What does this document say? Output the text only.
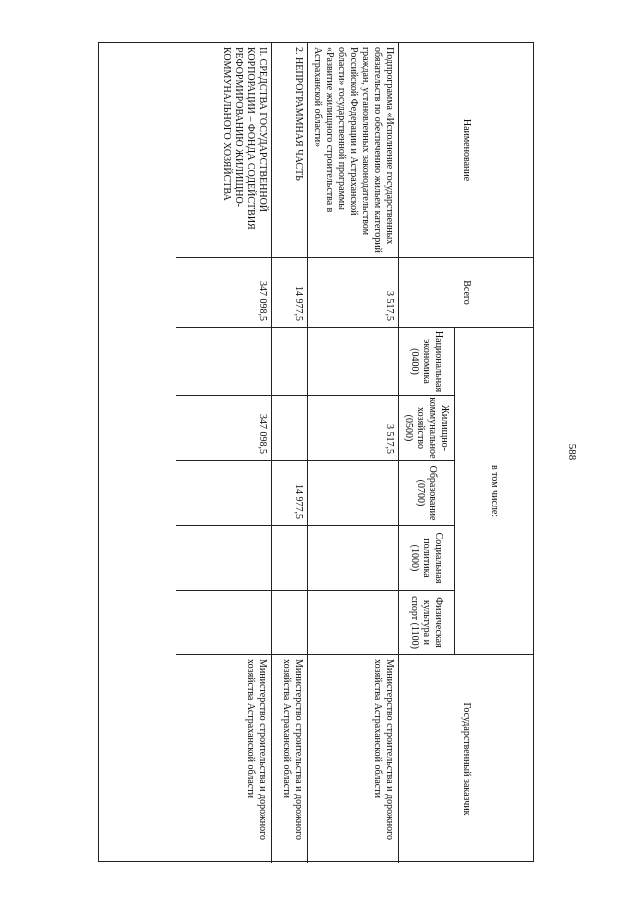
588
Наименование
Всего
в том числе:
Государственный заказчик
Национальная экономика (0400)
Жилищно-коммунальное хозяйство (0500)
Образование (0700)
Социальная политика (1000)
Физическая культура и спорт (1100)
Подпрограмма «Исполнение государственных обязательств по обеспечению жильем категорий граждан, установленных законодательством Российской Федерации и Астраханской области» государственной программы «Развитие жилищного строительства в Астраханской области»
3 517,5
3 517,5
Министерство строительства и дорожного хозяйства Астраханской области
2. НЕПРОГРАММНАЯ ЧАСТЬ
14 977,5
14 977,5
Министерство строительства и дорожного хозяйства Астраханской области
II. СРЕДСТВА ГОСУДАРСТВЕННОЙ КОРПОРАЦИИ – ФОНДА СОДЕЙСТВИЯ РЕФОРМИРОВАНИЮ ЖИЛИЩНО-КОММУНАЛЬНОГО ХОЗЯЙСТВА
347 098,5
347 098,5
Министерство строительства и дорожного хозяйства Астраханской области
